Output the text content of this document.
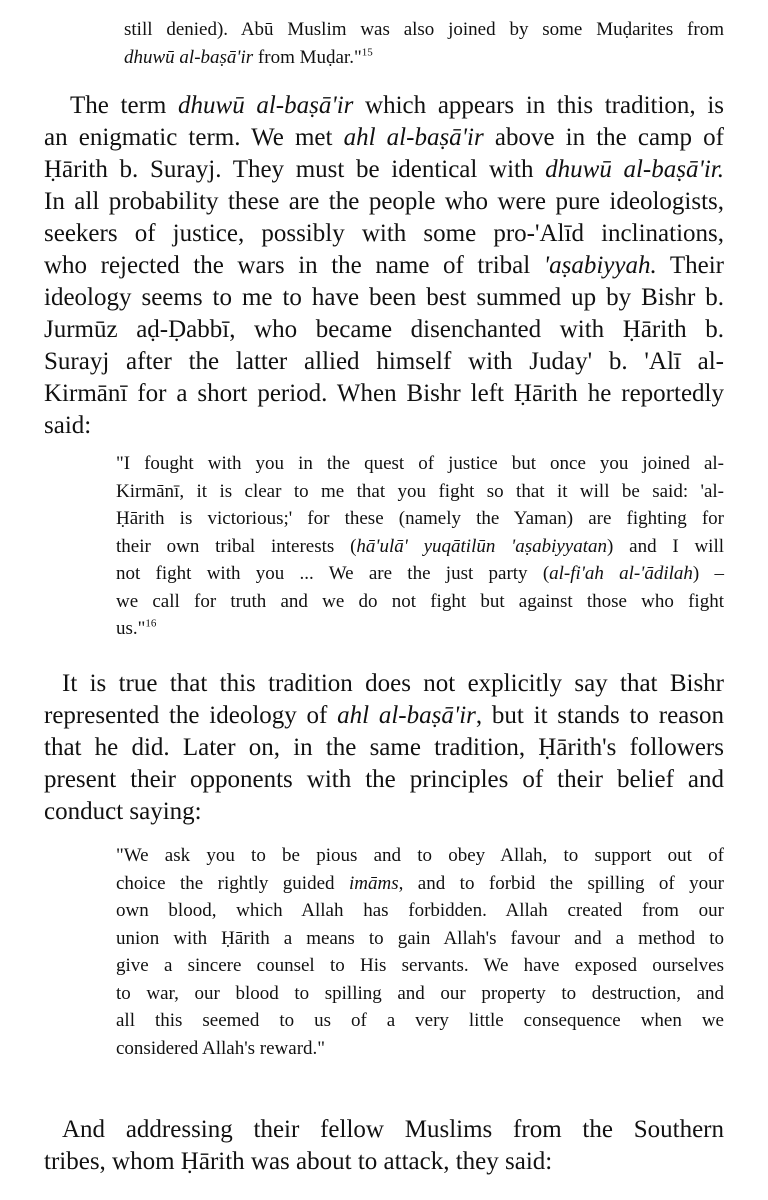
still denied). Abū Muslim was also joined by some Muḍarites from
dhuwū al-baṣā'ir from Muḍar."$^{15}$
The term dhuwū al-baṣā'ir which appears in this tradition, is
an enigmatic term. We met ahl al-baṣā'ir above in the camp of
Ḥārith b. Surayj. They must be identical with dhuwū al-baṣā'ir.
In all probability these are the people who were pure ideologists,
seekers of justice, possibly with some pro-'Alīd inclinations,
who rejected the wars in the name of tribal 'aṣabiyyah. Their
ideology seems to me to have been best summed up by Bishr b.
Jurmūz aḍ-Ḍabbī, who became disenchanted with Ḥārith b.
Surayj after the latter allied himself with Juday' b. 'Alī al-
Kirmānī for a short period. When Bishr left Ḥārith he reportedly
said:
"I fought with you in the quest of justice but once you joined al-
Kirmānī, it is clear to me that you fight so that it will be said: 'al-
Ḥārith is victorious;' for these (namely the Yaman) are fighting for
their own tribal interests (hā'ulā' yuqātilūn 'aṣabiyyatan) and I will
not fight with you ... We are the just party (al-fi'ah al-'ādilah) –
we call for truth and we do not fight but against those who fight
us."$^{16}$
It is true that this tradition does not explicitly say that Bishr
represented the ideology of ahl al-baṣā'ir, but it stands to reason
that he did. Later on, in the same tradition, Ḥārith's followers
present their opponents with the principles of their belief and
conduct saying:
"We ask you to be pious and to obey Allah, to support out of
choice the rightly guided imāms, and to forbid the spilling of your
own blood, which Allah has forbidden. Allah created from our
union with Ḥārith a means to gain Allah's favour and a method to
give a sincere counsel to His servants. We have exposed ourselves
to war, our blood to spilling and our property to destruction, and
all this seemed to us of a very little consequence when we
considered Allah's reward."
And addressing their fellow Muslims from the Southern
tribes, whom Ḥārith was about to attack, they said:
